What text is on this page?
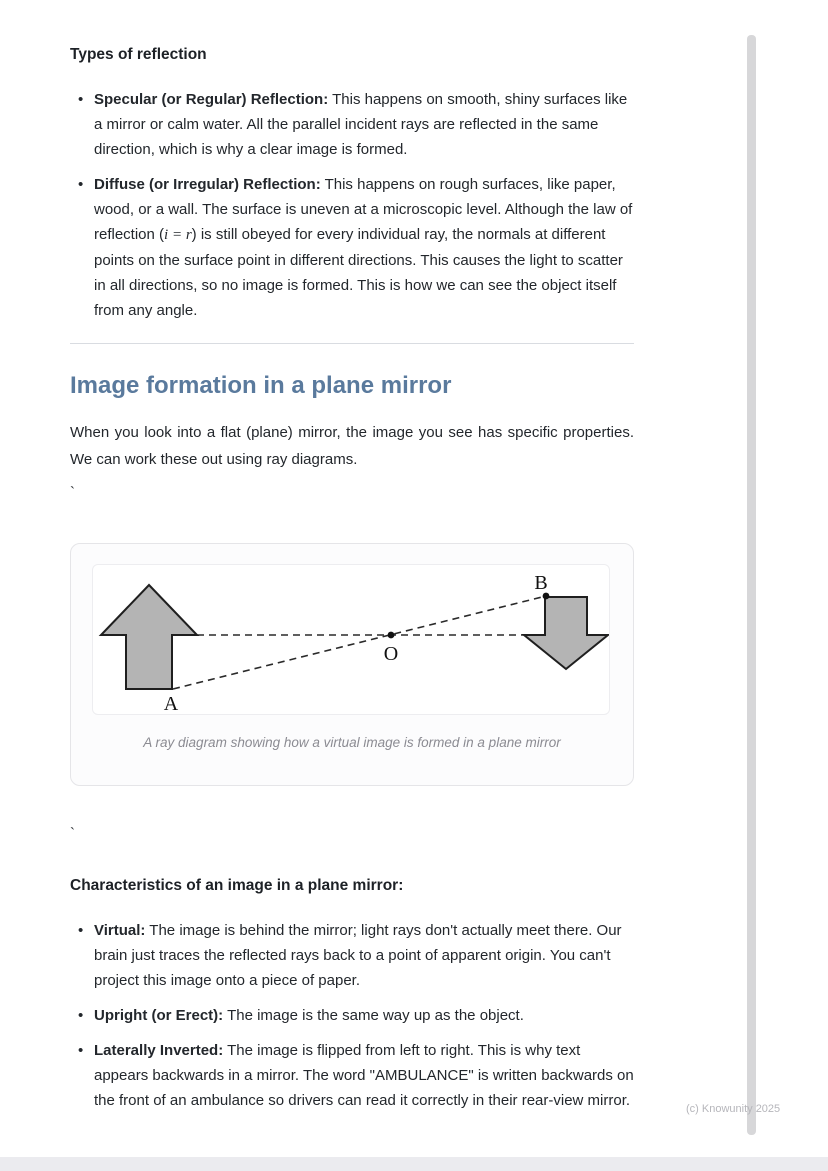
Types of reflection
• Specular (or Regular) Reflection: This happens on smooth, shiny surfaces like a mirror or calm water. All the parallel incident rays are reflected in the same direction, which is why a clear image is formed.
• Diffuse (or Irregular) Reflection: This happens on rough surfaces, like paper, wood, or a wall. The surface is uneven at a microscopic level. Although the law of reflection (i = r) is still obeyed for every individual ray, the normals at different points on the surface point in different directions. This causes the light to scatter in all directions, so no image is formed. This is how we can see the object itself from any angle.
Image formation in a plane mirror

When you look into a flat (plane) mirror, the image you see has specific properties. We can work these out using ray diagrams.

`
A
B
O
A ray diagram showing how a virtual image is formed in a plane mirror
`
Characteristics of an image in a plane mirror:
• Virtual: The image is behind the mirror; light rays don't actually meet there. Our brain just traces the reflected rays back to a point of apparent origin. You can't project this image onto a piece of paper.
• Upright (or Erect): The image is the same way up as the object.
• Laterally Inverted: The image is flipped from left to right. This is why text appears backwards in a mirror. The word "AMBULANCE" is written backwards on the front of an ambulance so drivers can read it correctly in their rear-view mirror.	(c) Knowunity 2025
